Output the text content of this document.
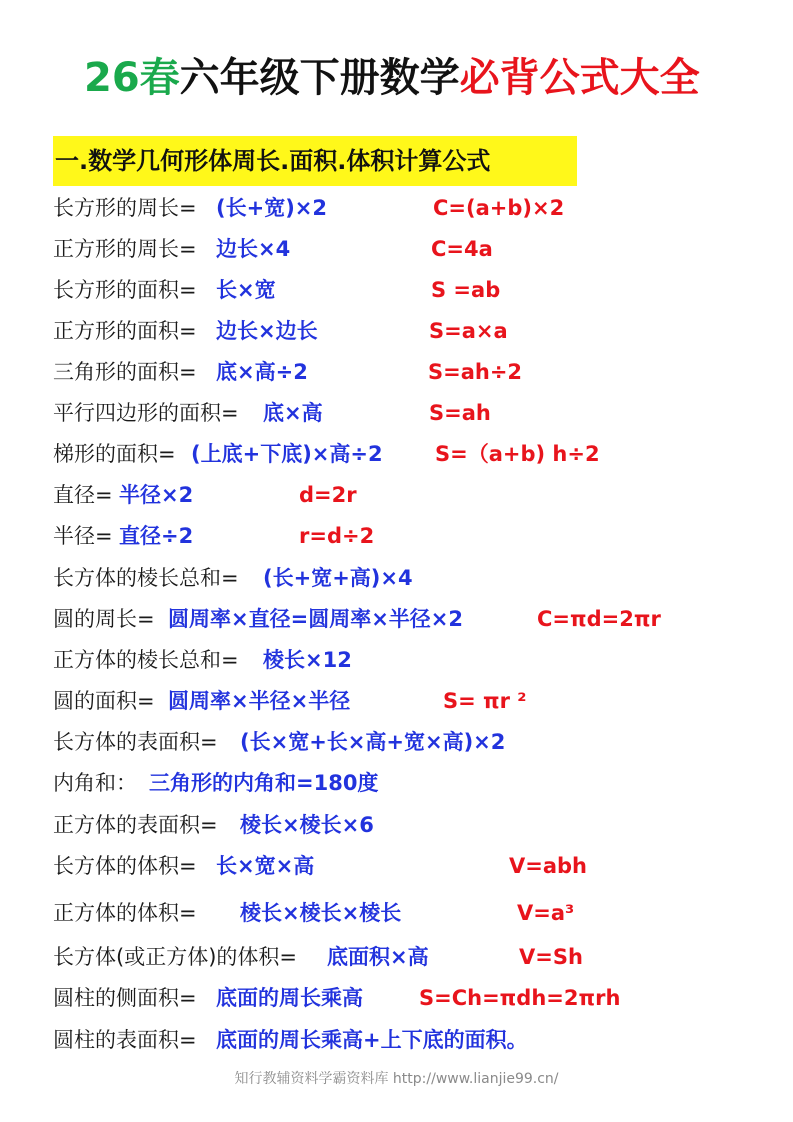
26春六年级下册数学必背公式大全
一.数学几何形体周长.面积.体积计算公式
长方形的周长= (长+宽)×2	C=(a+b)×2
正方形的周长= 边长×4	C=4a
长方形的面积= 长×宽	S =ab
正方形的面积= 边长×边长	S=a×a
三角形的面积= 底×高÷2	S=ah÷2
平行四边形的面积= 底×高	S=ah
梯形的面积= (上底+下底)×高÷2 S=（a+b) h÷2
直径= 半径×2	d=2r
半径= 直径÷2	r=d÷2
长方体的棱长总和= (长+宽+高)×4
圆的周长= 圆周率×直径=圆周率×半径×2	C=πd=2πr
正方体的棱长总和= 棱长×12
圆的面积= 圆周率×半径×半径	S= πr ²
长方体的表面积= (长×宽+长×高+宽×高)×2
内角和： 三角形的内角和=180度
正方体的表面积= 棱长×棱长×6
长方体的体积= 长×宽×高	V=abh
正方体的体积= 棱长×棱长×棱长	V=a³
长方体(或正方体)的体积= 底面积×高	V=Sh
圆柱的侧面积= 底面的周长乘高	S=Ch=πdh=2πrh
圆柱的表面积= 底面的周长乘高+上下底的面积。
知行教辅资料学霸资料库 http://www.lianjie99.cn/
